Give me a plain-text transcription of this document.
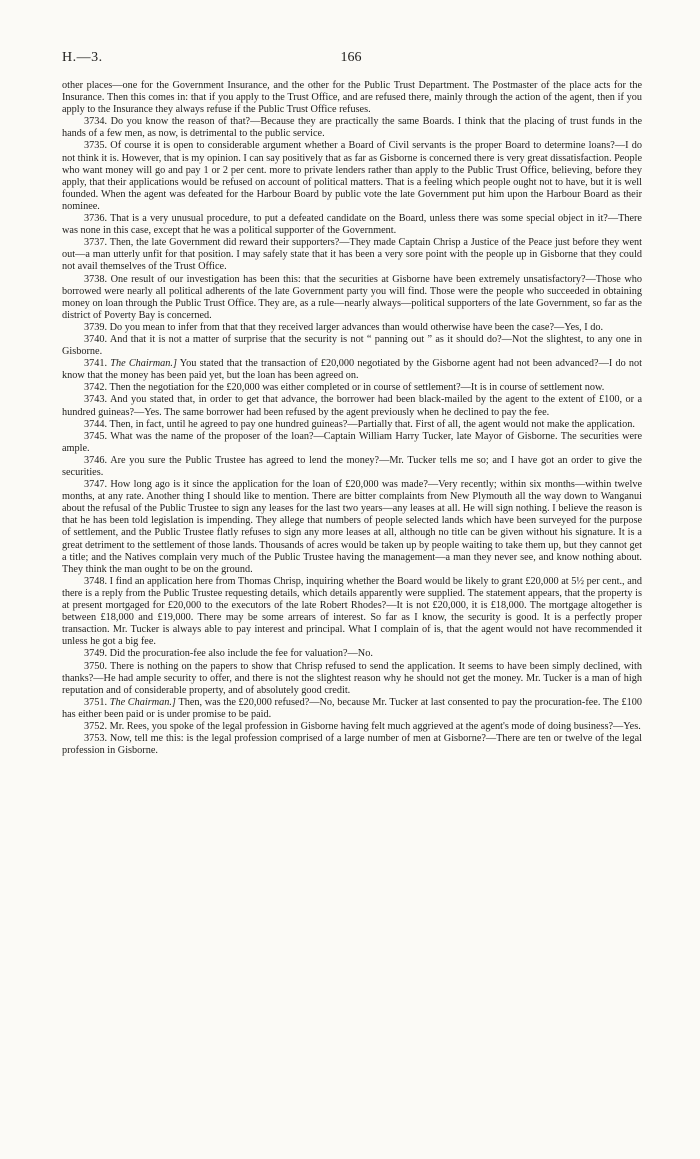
H.—3.	166

other places—one for the Government Insurance, and the other for the Public Trust Department. The Postmaster of the place acts for the Insurance. Then this comes in: that if you apply to the Trust Office, and are refused there, mainly through the action of the agent, then if you apply to the Insurance they always refuse if the Public Trust Office refuses.

3734. Do you know the reason of that?—Because they are practically the same Boards. I think that the placing of trust funds in the hands of a few men, as now, is detrimental to the public service.

3735. Of course it is open to considerable argument whether a Board of Civil servants is the proper Board to determine loans?—I do not think it is. However, that is my opinion. I can say positively that as far as Gisborne is concerned there is very great dissatisfaction. People who want money will go and pay 1 or 2 per cent. more to private lenders rather than apply to the Public Trust Office, believing, before they apply, that their applications would be refused on account of political matters. That is a feeling which people ought not to have, but it is well founded. When the agent was defeated for the Harbour Board by public vote the late Government put him upon the Harbour Board as their nominee.

3736. That is a very unusual procedure, to put a defeated candidate on the Board, unless there was some special object in it?—There was none in this case, except that he was a political supporter of the Government.

3737. Then, the late Government did reward their supporters?—They made Captain Chrisp a Justice of the Peace just before they went out—a man utterly unfit for that position. I may safely state that it has been a very sore point with the people up in Gisborne that they could not avail themselves of the Trust Office.

3738. One result of our investigation has been this: that the securities at Gisborne have been extremely unsatisfactory?—Those who borrowed were nearly all political adherents of the late Government party you will find. Those were the people who succeeded in obtaining money on loan through the Public Trust Office. They are, as a rule—nearly always—political supporters of the late Government, so far as the district of Poverty Bay is concerned.

3739. Do you mean to infer from that that they received larger advances than would otherwise have been the case?—Yes, I do.

3740. And that it is not a matter of surprise that the security is not “ panning out ” as it should do?—Not the slightest, to any one in Gisborne.

3741. The Chairman.] You stated that the transaction of £20,000 negotiated by the Gisborne agent had not been advanced?—I do not know that the money has been paid yet, but the loan has been agreed on.

3742. Then the negotiation for the £20,000 was either completed or in course of settlement?—It is in course of settlement now.

3743. And you stated that, in order to get that advance, the borrower had been black-mailed by the agent to the extent of £100, or a hundred guineas?—Yes. The same borrower had been refused by the agent previously when he declined to pay the fee.

3744. Then, in fact, until he agreed to pay one hundred guineas?—Partially that. First of all, the agent would not make the application.

3745. What was the name of the proposer of the loan?—Captain William Harry Tucker, late Mayor of Gisborne. The securities were ample.

3746. Are you sure the Public Trustee has agreed to lend the money?—Mr. Tucker tells me so; and I have got an order to give the securities.

3747. How long ago is it since the application for the loan of £20,000 was made?—Very recently; within six months—within twelve months, at any rate. Another thing I should like to mention. There are bitter complaints from New Plymouth all the way down to Wanganui about the refusal of the Public Trustee to sign any leases for the last two years—any leases at all. He will sign nothing. I believe the reason is that he has been told legislation is impending. They allege that numbers of people selected lands which have been surveyed for the purpose of settlement, and the Public Trustee flatly refuses to sign any more leases at all, although no title can be given without his signature. It is a great detriment to the settlement of those lands. Thousands of acres would be taken up by people waiting to take them up, but they cannot get a title; and the Natives complain very much of the Public Trustee having the management—a man they never see, and know nothing about. They think the man ought to be on the ground.

3748. I find an application here from Thomas Chrisp, inquiring whether the Board would be likely to grant £20,000 at 5½ per cent., and there is a reply from the Public Trustee requesting details, which details apparently were supplied. The statement appears, that the property is at present mortgaged for £20,000 to the executors of the late Robert Rhodes?—It is not £20,000, it is £18,000. The mortgage altogether is between £18,000 and £19,000. There may be some arrears of interest. So far as I know, the security is good. It is a perfectly proper transaction. Mr. Tucker is always able to pay interest and principal. What I complain of is, that the agent would not have recommended it unless he got a big fee.

3749. Did the procuration-fee also include the fee for valuation?—No.

3750. There is nothing on the papers to show that Chrisp refused to send the application. It seems to have been simply declined, with thanks?—He had ample security to offer, and there is not the slightest reason why he should not get the money. Mr. Tucker is a man of high reputation and of considerable property, and of absolutely good credit.

3751. The Chairman.] Then, was the £20,000 refused?—No, because Mr. Tucker at last consented to pay the procuration-fee. The £100 has either been paid or is under promise to be paid.

3752. Mr. Rees, you spoke of the legal profession in Gisborne having felt much aggrieved at the agent's mode of doing business?—Yes.

3753. Now, tell me this: is the legal profession comprised of a large number of men at Gisborne?—There are ten or twelve of the legal profession in Gisborne.
